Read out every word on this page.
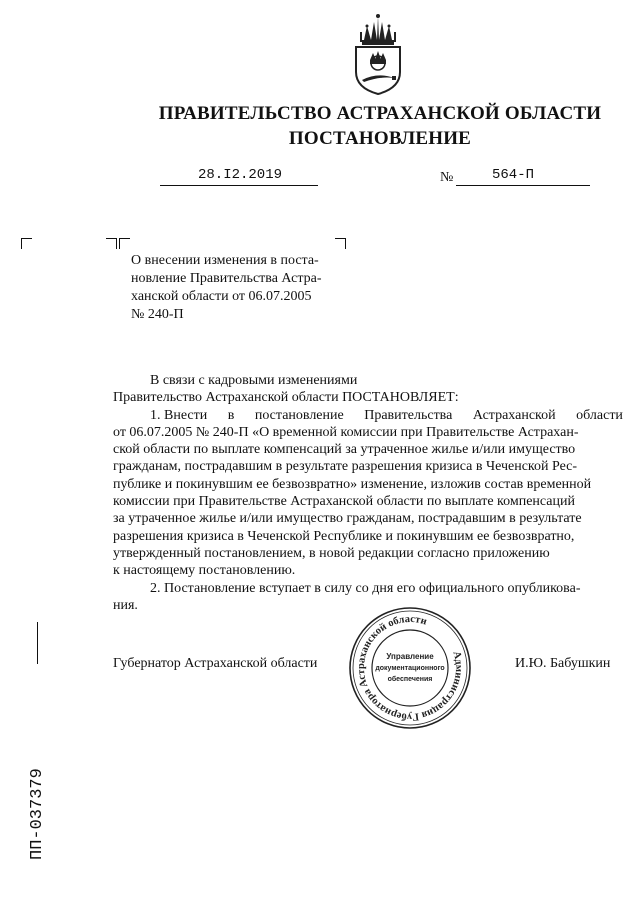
ПРАВИТЕЛЬСТВО АСТРАХАНСКОЙ ОБЛАСТИ
ПОСТАНОВЛЕНИЕ
28.I2.2019	№	564-П
О внесении изменения в поста-
новление Правительства Астра-
ханской области от 06.07.2005
№ 240-П
В связи с кадровыми изменениями
Правительство Астраханской области ПОСТАНОВЛЯЕТ:
1. Внести в постановление Правительства Астраханской области
от 06.07.2005 № 240-П «О временной комиссии при Правительстве Астрахан-
ской области по выплате компенсаций за утраченное жилье и/или имущество
гражданам, пострадавшим в результате разрешения кризиса в Чеченской Рес-
публике и покинувшим ее безвозвратно» изменение, изложив состав временной
комиссии при Правительстве Астраханской области по выплате компенсаций
за утраченное жилье и/или имущество гражданам, пострадавшим в результате
разрешения кризиса в Чеченской Республике и покинувшим ее безвозвратно,
утвержденный постановлением, в новой редакции согласно приложению
к настоящему постановлению.
2. Постановление вступает в силу со дня его официального опубликова-
ния.
Губернатор Астраханской области	И.Ю. Бабушкин
Администрация Губернатора Астраханской области
Управление
документационного
обеспечения
ПП-037379
